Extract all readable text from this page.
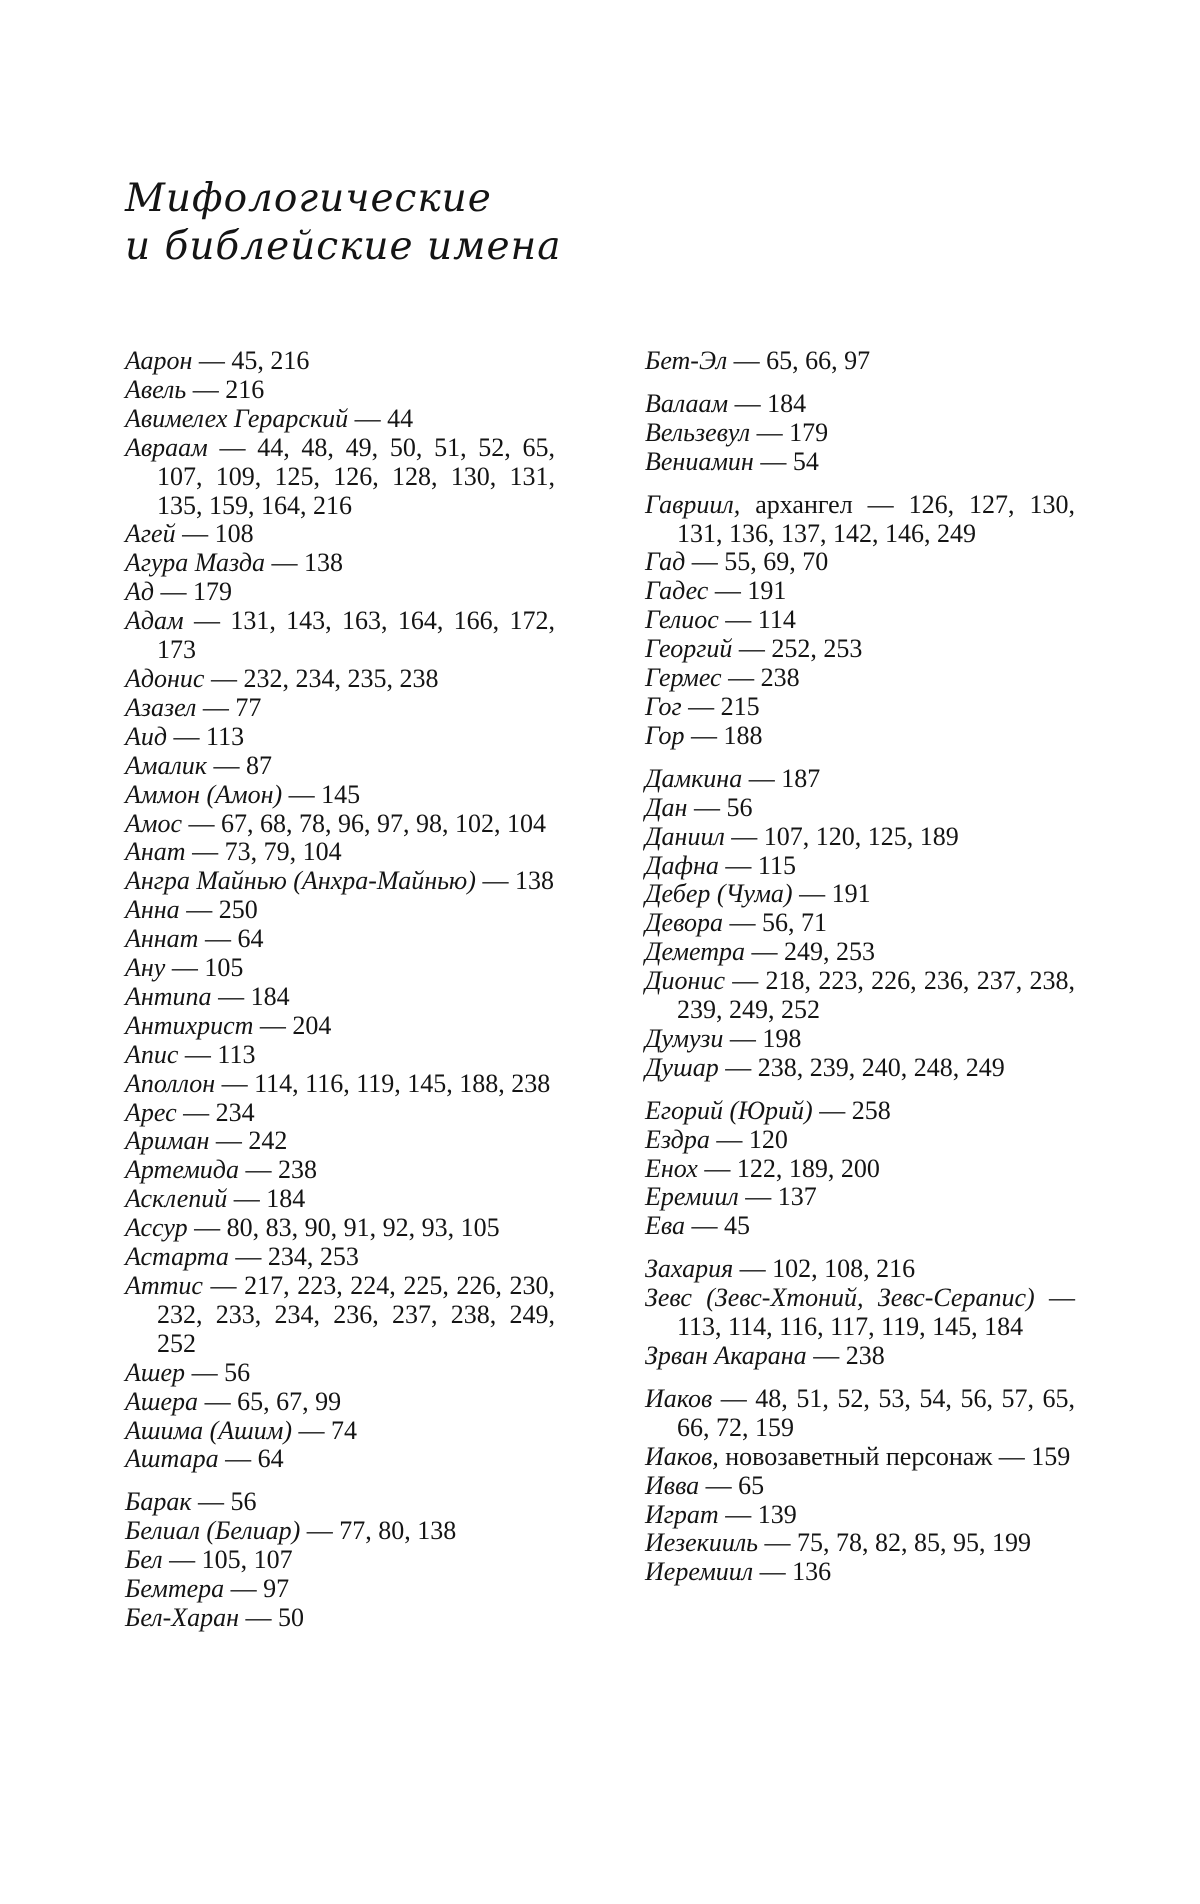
Мифологические
и библейские имена
Аарон — 45, 216
Авель — 216
Авимелех Герарский — 44
Авраам — 44, 48, 49, 50, 51, 52, 65, 107, 109, 125, 126, 128, 130, 131, 135, 159, 164, 216
Агей — 108
Агура Мазда — 138
Ад — 179
Адам — 131, 143, 163, 164, 166, 172, 173
Адонис — 232, 234, 235, 238
Азазел — 77
Аид — 113
Амалик — 87
Аммон (Амон) — 145
Амос — 67, 68, 78, 96, 97, 98, 102, 104
Анат — 73, 79, 104
Ангра Майнью (Анхра-Майнью) — 138
Анна — 250
Аннат — 64
Ану — 105
Антипа — 184
Антихрист — 204
Апис — 113
Аполлон — 114, 116, 119, 145, 188, 238
Арес — 234
Ариман — 242
Артемида — 238
Асклепий — 184
Ассур — 80, 83, 90, 91, 92, 93, 105
Астарта — 234, 253
Аттис — 217, 223, 224, 225, 226, 230, 232, 233, 234, 236, 237, 238, 249, 252
Ашер — 56
Ашера — 65, 67, 99
Ашима (Ашим) — 74
Аштара — 64
Барак — 56
Белиал (Белиар) — 77, 80, 138
Бел — 105, 107
Бемтера — 97
Бел-Харан — 50
Бет-Эл — 65, 66, 97
Валаам — 184
Вельзевул — 179
Вениамин — 54
Гавриил, архангел — 126, 127, 130, 131, 136, 137, 142, 146, 249
Гад — 55, 69, 70
Гадес — 191
Гелиос — 114
Георгий — 252, 253
Гермес — 238
Гог — 215
Гор — 188
Дамкина — 187
Дан — 56
Даниил — 107, 120, 125, 189
Дафна — 115
Дебер (Чума) — 191
Девора — 56, 71
Деметра — 249, 253
Дионис — 218, 223, 226, 236, 237, 238, 239, 249, 252
Думузи — 198
Душар — 238, 239, 240, 248, 249
Егорий (Юрий) — 258
Ездра — 120
Енох — 122, 189, 200
Еремиил — 137
Ева — 45
Захария — 102, 108, 216
Зевс (Зевс-Хтоний, Зевс-Серапис) — 113, 114, 116, 117, 119, 145, 184
Зрван Акарана — 238
Иаков — 48, 51, 52, 53, 54, 56, 57, 65, 66, 72, 159
Иаков, новозаветный персонаж — 159
Ивва — 65
Играт — 139
Иезекииль — 75, 78, 82, 85, 95, 199
Иеремиил — 136
